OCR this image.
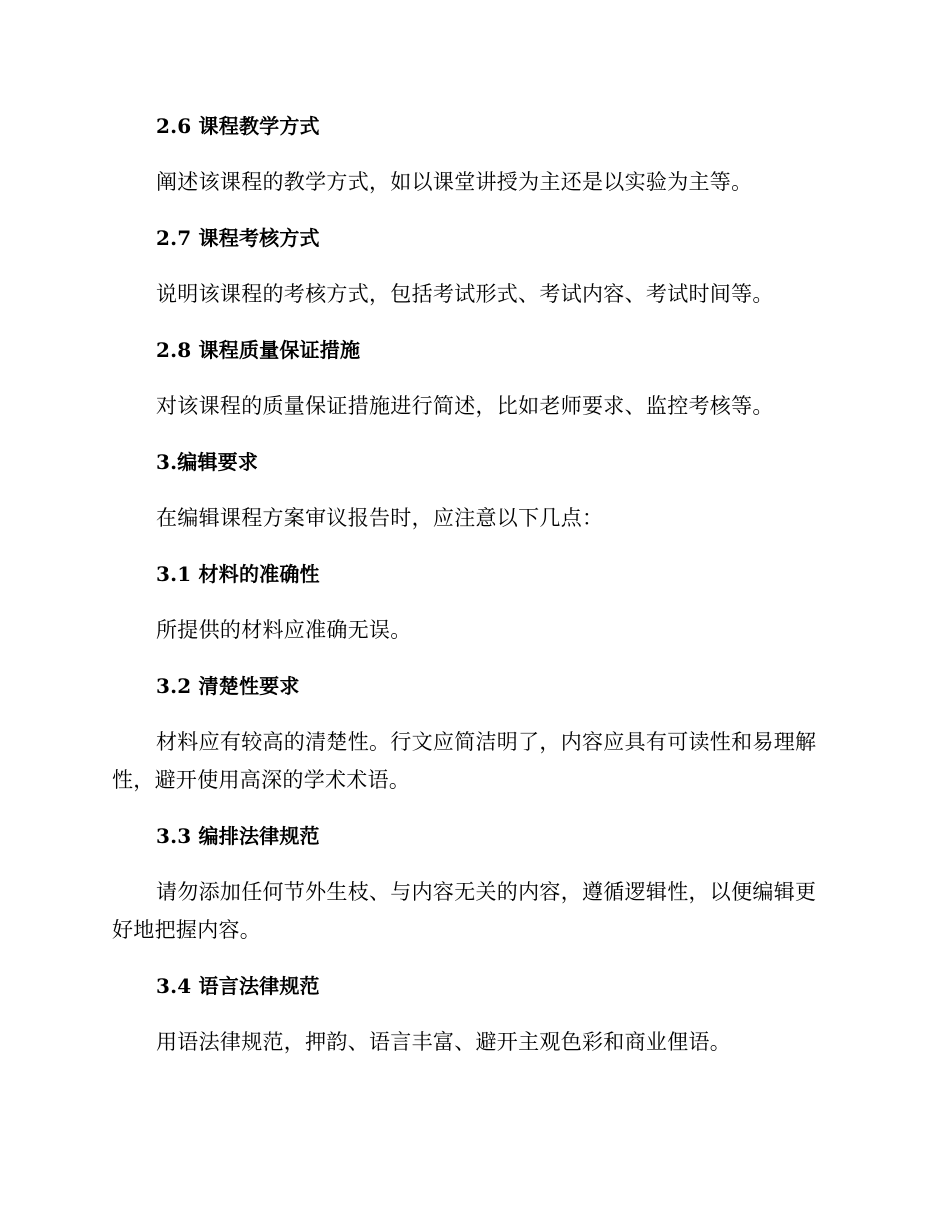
2.6 课程教学方式

阐述该课程的教学方式，如以课堂讲授为主还是以实验为主等。

2.7 课程考核方式

说明该课程的考核方式，包括考试形式、考试内容、考试时间等。

2.8 课程质量保证措施

对该课程的质量保证措施进行简述，比如老师要求、监控考核等。

3.编辑要求

在编辑课程方案审议报告时，应注意以下几点：

3.1 材料的准确性

所提供的材料应准确无误。

3.2 清楚性要求

材料应有较高的清楚性。行文应简洁明了，内容应具有可读性和易理解性，避开使用高深的学术术语。

3.3 编排法律规范

请勿添加任何节外生枝、与内容无关的内容，遵循逻辑性，以便编辑更好地把握内容。

3.4 语言法律规范

用语法律规范，押韵、语言丰富、避开主观色彩和商业俚语。
